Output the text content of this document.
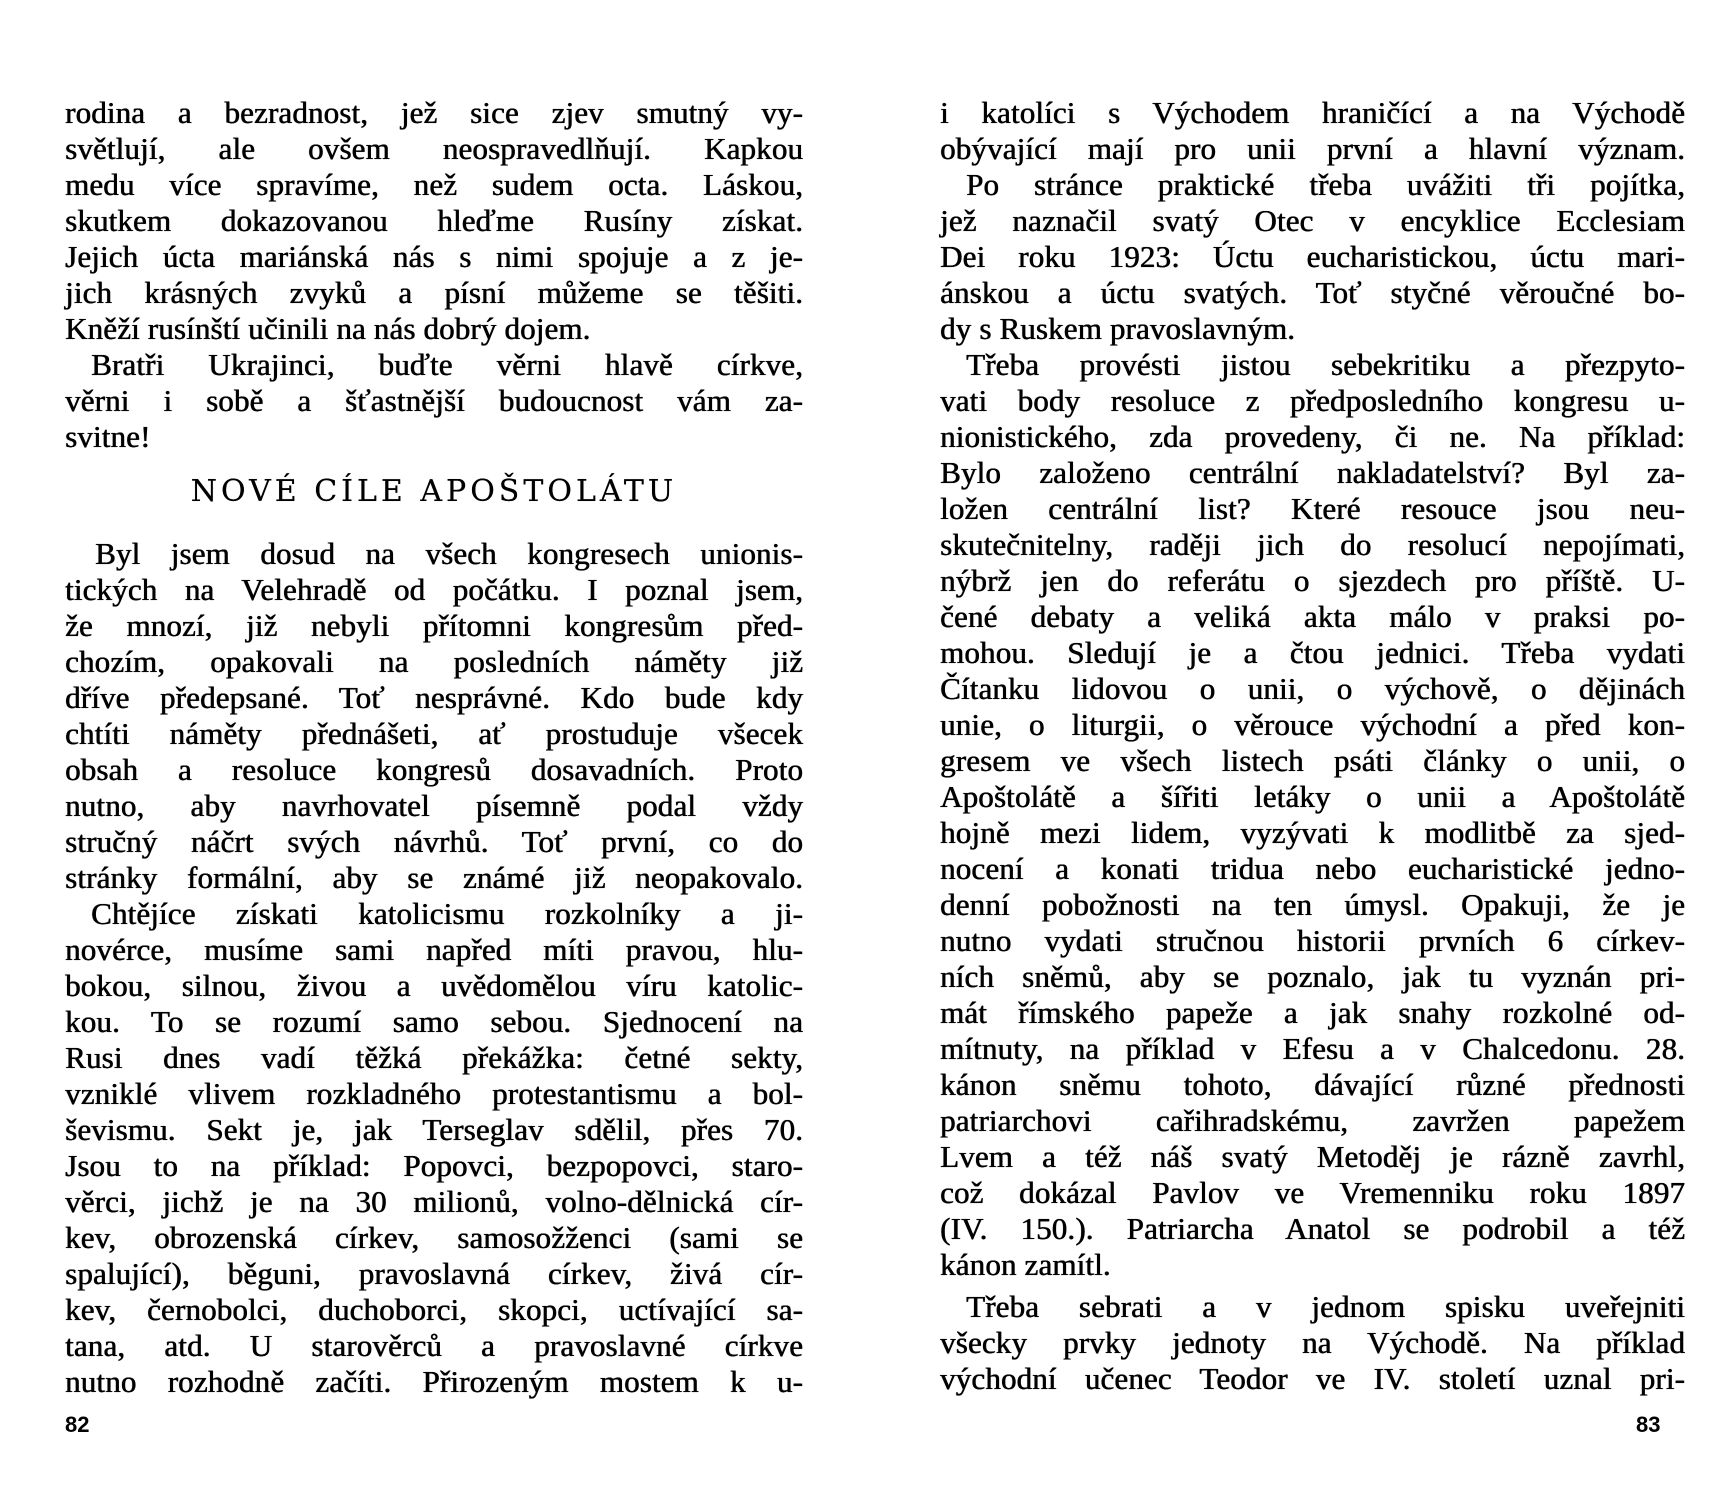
rodina a bezradnost, jež sice zjev smutný vy-
světlují, ale ovšem neospravedlňují. Kapkou
medu více spravíme, než sudem octa. Láskou,
skutkem dokazovanou hleďme Rusíny získat.
Jejich úcta mariánská nás s nimi spojuje a z je-
jich krásných zvyků a písní můžeme se těšiti.
Kněží rusínští učinili na nás dobrý dojem.
Bratři Ukrajinci, buďte věrni hlavě církve,
věrni i sobě a šťastnější budoucnost vám za-
svitne!
NOVÉ CÍLE APOŠTOLÁTU
Byl jsem dosud na všech kongresech unionis-
tických na Velehradě od počátku. I poznal jsem,
že mnozí, již nebyli přítomni kongresům před-
chozím, opakovali na posledních náměty již
dříve předepsané. Toť nesprávné. Kdo bude kdy
chtíti náměty přednášeti, ať prostuduje všecek
obsah a resoluce kongresů dosavadních. Proto
nutno, aby navrhovatel písemně podal vždy
stručný náčrt svých návrhů. Toť první, co do
stránky formální, aby se známé již neopakovalo.
Chtějíce získati katolicismu rozkolníky a ji-
novérce, musíme sami napřed míti pravou, hlu-
bokou, silnou, živou a uvědomělou víru katolic-
kou. To se rozumí samo sebou. Sjednocení na
Rusi dnes vadí těžká překážka: četné sekty,
vzniklé vlivem rozkladného protestantismu a bol-
ševismu. Sekt je, jak Terseglav sdělil, přes 70.
Jsou to na příklad: Popovci, bezpopovci, staro-
věrci, jichž je na 30 milionů, volno-dělnická cír-
kev, obrozenská církev, samosožženci (sami se
spalující), běguni, pravoslavná církev, živá cír-
kev, černobolci, duchoborci, skopci, uctívající sa-
tana, atd. U starověrců a pravoslavné církve
nutno rozhodně začíti. Přirozeným mostem k u-
82
i katolíci s Východem hraničící a na Východě
obývající mají pro unii první a hlavní význam.
Po stránce praktické třeba uvážiti tři pojítka,
jež naznačil svatý Otec v encyklice Ecclesiam
Dei roku 1923: Úctu eucharistickou, úctu mari-
ánskou a úctu svatých. Toť styčné věroučné bo-
dy s Ruskem pravoslavným.
Třeba provésti jistou sebekritiku a přezpyto-
vati body resoluce z předposledního kongresu u-
nionistického, zda provedeny, či ne. Na příklad:
Bylo založeno centrální nakladatelství? Byl za-
ložen centrální list? Které resouce jsou neu-
skutečnitelny, raději jich do resolucí nepojímati,
nýbrž jen do referátu o sjezdech pro příště. U-
čené debaty a veliká akta málo v praksi po-
mohou. Sledují je a čtou jednici. Třeba vydati
Čítanku lidovou o unii, o výchově, o dějinách
unie, o liturgii, o věrouce východní a před kon-
gresem ve všech listech psáti články o unii, o
Apoštolátě a šířiti letáky o unii a Apoštolátě
hojně mezi lidem, vyzývati k modlitbě za sjed-
nocení a konati tridua nebo eucharistické jedno-
denní pobožnosti na ten úmysl. Opakuji, že je
nutno vydati stručnou historii prvních 6 církev-
ních sněmů, aby se poznalo, jak tu vyznán pri-
mát římského papeže a jak snahy rozkolné od-
mítnuty, na příklad v Efesu a v Chalcedonu. 28.
kánon sněmu tohoto, dávající různé přednosti
patriarchovi cařihradskému, zavržen papežem
Lvem a též náš svatý Metoděj je rázně zavrhl,
což dokázal Pavlov ve Vremenniku roku 1897
(IV. 150.). Patriarcha Anatol se podrobil a též
kánon zamítl.
Třeba sebrati a v jednom spisku uveřejniti
všecky prvky jednoty na Východě. Na příklad
východní učenec Teodor ve IV. století uznal pri-
83
